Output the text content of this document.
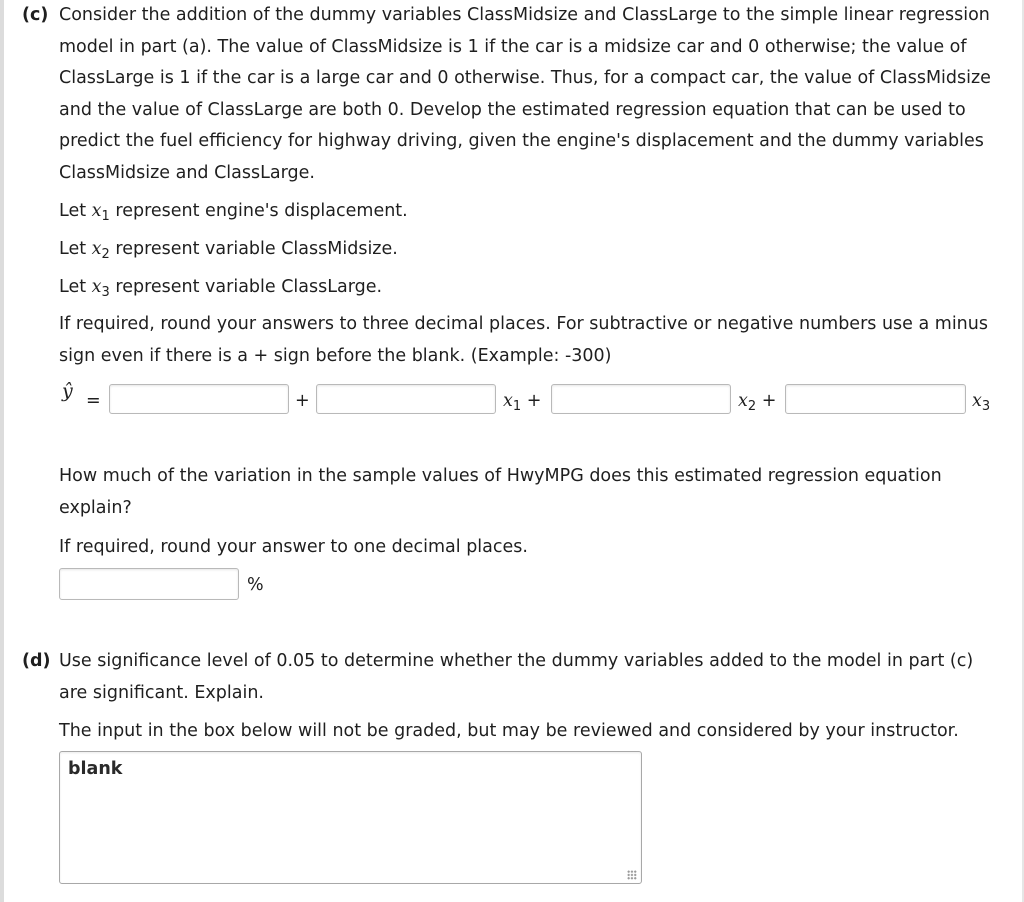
(c) Consider the addition of the dummy variables ClassMidsize and ClassLarge to the simple linear regression model in part (a). The value of ClassMidsize is 1 if the car is a midsize car and 0 otherwise; the value of ClassLarge is 1 if the car is a large car and 0 otherwise. Thus, for a compact car, the value of ClassMidsize and the value of ClassLarge are both 0. Develop the estimated regression equation that can be used to predict the fuel efficiency for highway driving, given the engine's displacement and the dummy variables ClassMidsize and ClassLarge.
Let $x_1$ represent engine's displacement.
Let $x_2$ represent variable ClassMidsize.
Let $x_3$ represent variable ClassLarge.
If required, round your answers to three decimal places. For subtractive or negative numbers use a minus sign even if there is a + sign before the blank. (Example: -300)
ŷ =	+	$x_1$ +	$x_2$ +	$x_3$
How much of the variation in the sample values of HwyMPG does this estimated regression equation explain?
If required, round your answer to one decimal places.
%
(d) Use significance level of 0.05 to determine whether the dummy variables added to the model in part (c) are significant. Explain.
The input in the box below will not be graded, but may be reviewed and considered by your instructor.
blank
